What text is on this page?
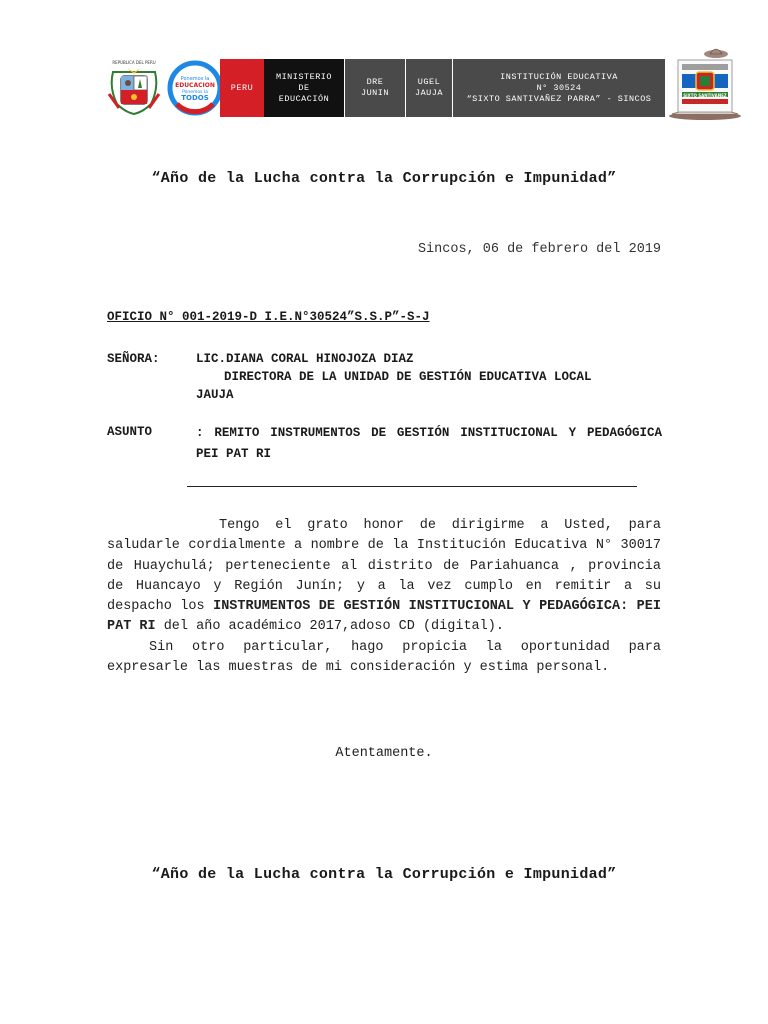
REPUBLICA DEL PERU
Ponemos la
EDUCACION
Ponemos la
TODOS
PERU
MINISTERIO
DE
EDUCACIÓN
DRE
JUNIN
UGEL
JAUJA
INSTITUCIÓN EDUCATIVA
N° 30524
“SIXTO SANTIVAÑEZ PARRA” - SINCOS	SIXTO SANTIVAÑEZ
“Año de la Lucha contra la Corrupción e Impunidad”
Sincos, 06 de febrero del 2019
OFICIO N° 001-2019-D I.E.N°30524”S.S.P”-S-J
SEÑORA:	LIC.DIANA CORAL HINOJOZA DIAZ
DIRECTORA DE LA UNIDAD DE GESTIÓN EDUCATIVA LOCAL
JAUJA
ASUNTO	: REMITO INSTRUMENTOS DE GESTIÓN INSTITUCIONAL Y PEDAGÓGICA PEI PAT RI

Tengo el grato honor de dirigirme a Usted, para saludarle cordialmente a nombre de la Institución Educativa N° 30017 de Huaychulá; perteneciente al distrito de Pariahuanca , provincia de Huancayo y Región Junín; y a la vez cumplo en remitir a su despacho los INSTRUMENTOS DE GESTIÓN INSTITUCIONAL Y PEDAGÓGICA: PEI PAT RI del año académico 2017,adoso CD (digital).

Sin otro particular, hago propicia la oportunidad para expresarle las muestras de mi consideración y estima personal.

Atentamente.
“Año de la Lucha contra la Corrupción e Impunidad”
